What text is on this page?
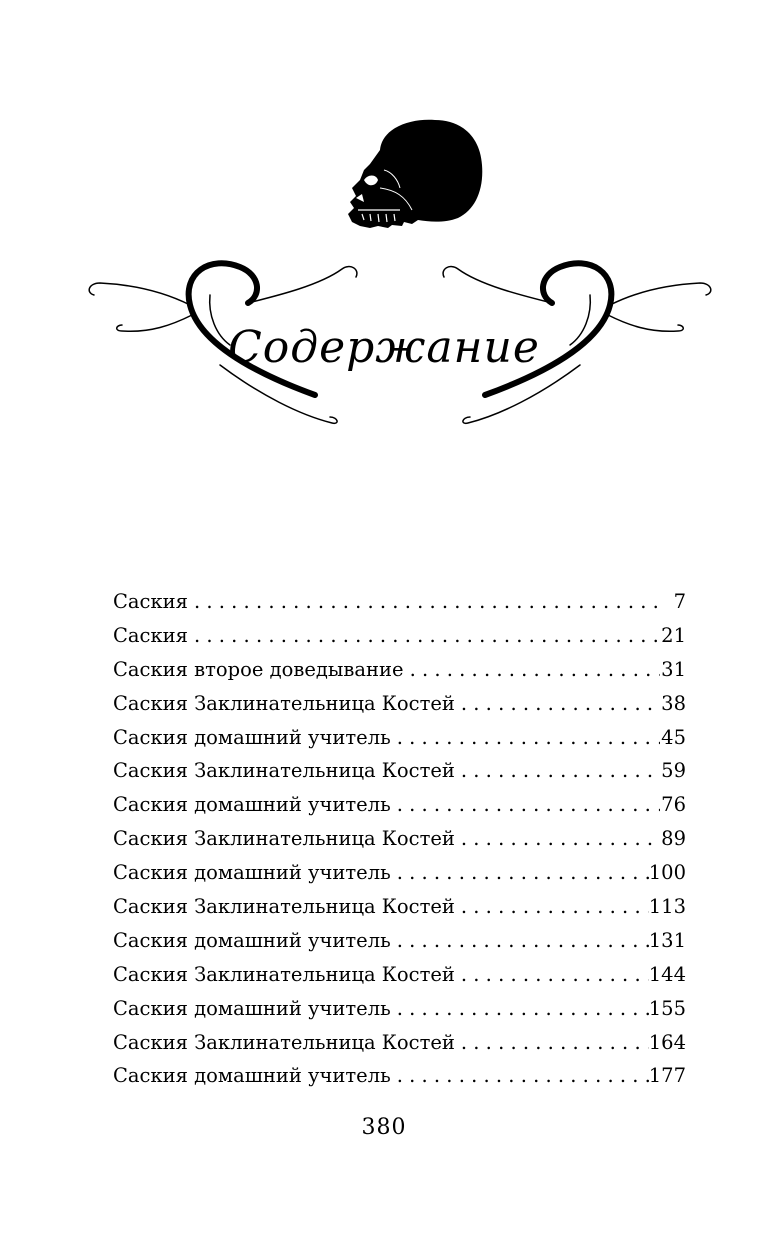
Содержание
Саския . . .	7
Саския . . .	21
Саския второе доведывание . . .	31
Саския Заклинательница Костей . . .	38
Саския домашний учитель . . .	45
Саския Заклинательница Костей . . .	59
Саския домашний учитель . . .	76
Саския Заклинательница Костей . . .	89
Саския домашний учитель . . .	100
Саския Заклинательница Костей . . .	113
Саския домашний учитель . . .	131
Саския Заклинательница Костей . . .	144
Саския домашний учитель . . .	155
Саския Заклинательница Костей . . .	164
Саския домашний учитель . . .	177
380
